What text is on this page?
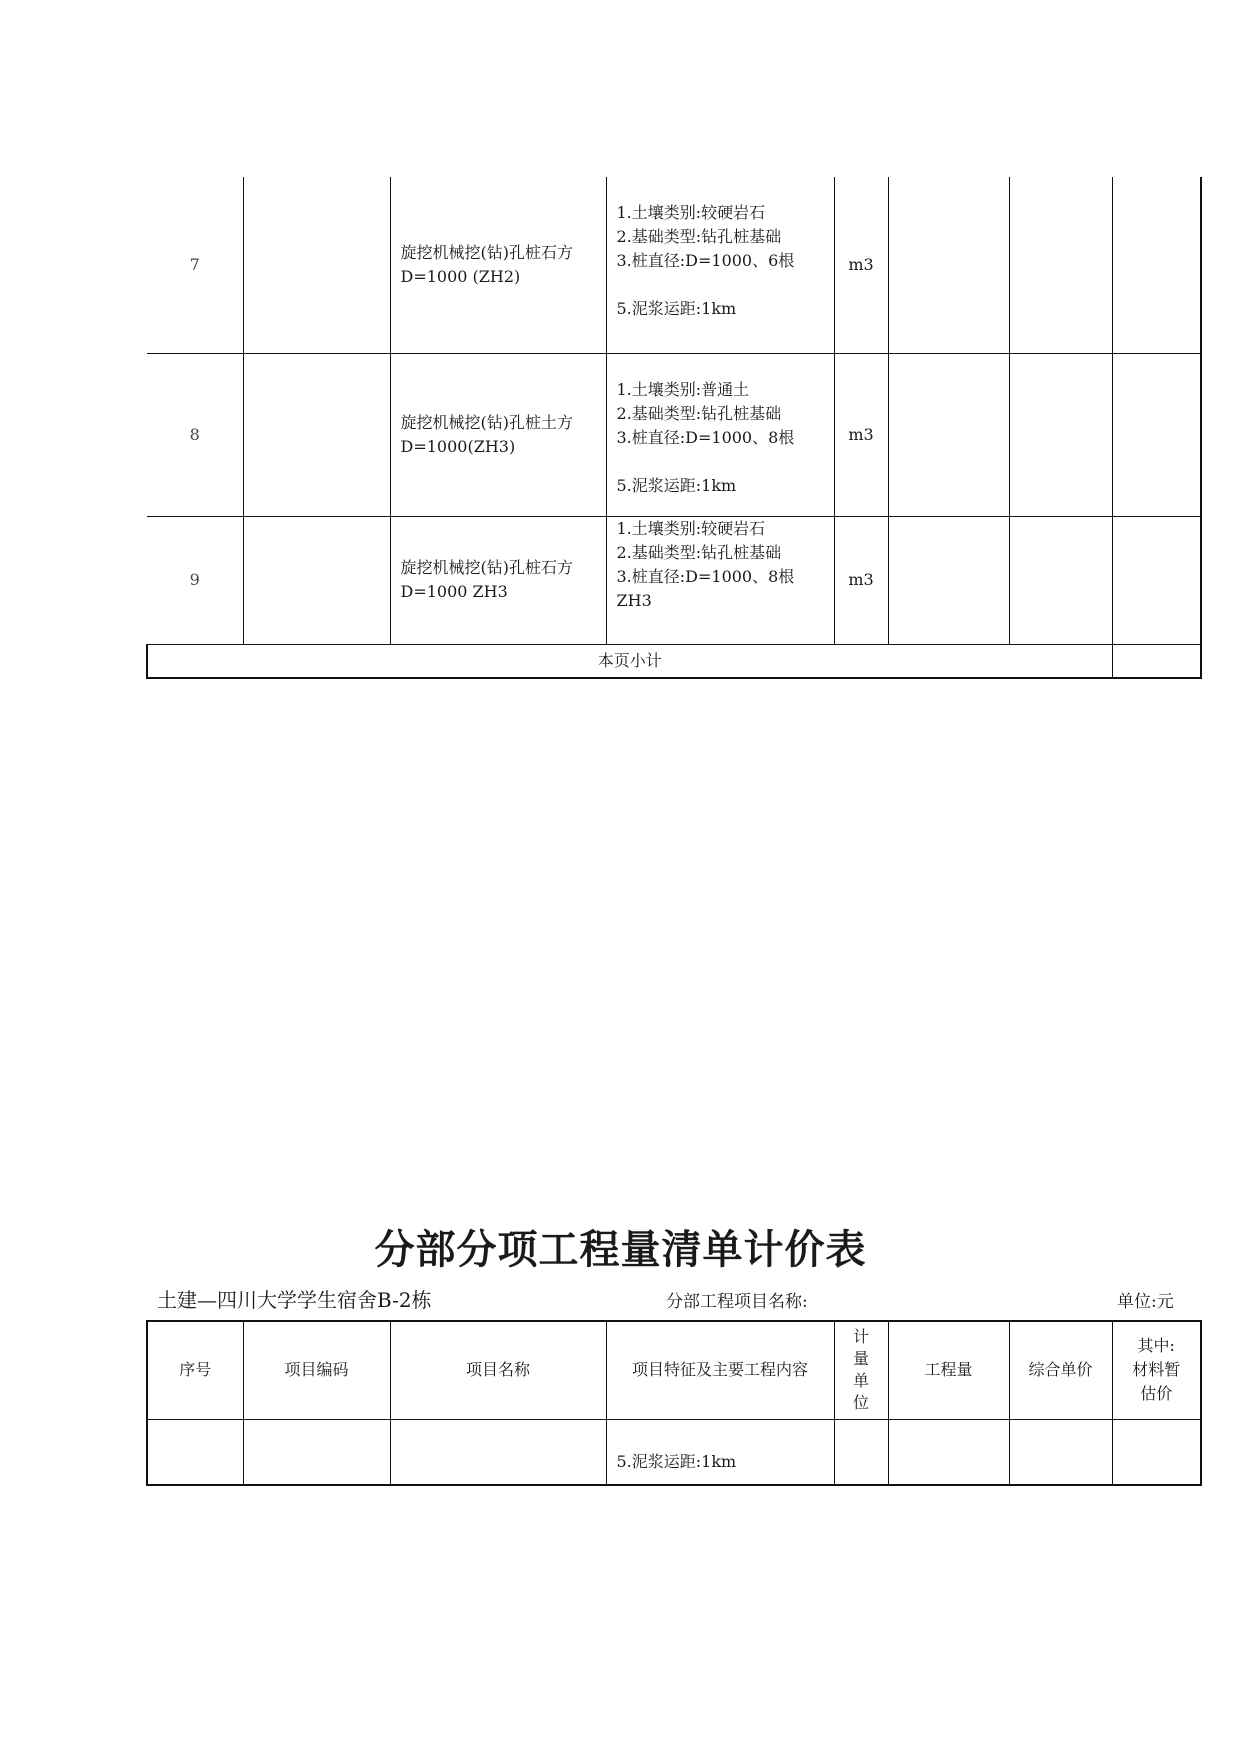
7		旋挖机械挖(钻)孔桩石方D=1000 (ZH2)	1.土壤类别:较硬岩石
2.基础类型:钻孔桩基础
3.桩直径:D=1000、6根

5.泥浆运距:1km	m3			
8		旋挖机械挖(钻)孔桩土方D=1000(ZH3)	1.土壤类别:普通土
2.基础类型:钻孔桩基础
3.桩直径:D=1000、8根

5.泥浆运距:1km	m3			
9		旋挖机械挖(钻)孔桩石方D=1000 ZH3	1.土壤类别:较硬岩石
2.基础类型:钻孔桩基础
3.桩直径:D=1000、8根
ZH3	m3			
本页小计							
分部分项工程量清单计价表
土建—四川大学学生宿舍B-2栋	分部工程项目名称:	单位:元
序号	项目编码	项目名称	项目特征及主要工程内容	计
量
单
位	工程量	综合单价	其中:
材料暂
估价
			5.泥浆运距:1km				
